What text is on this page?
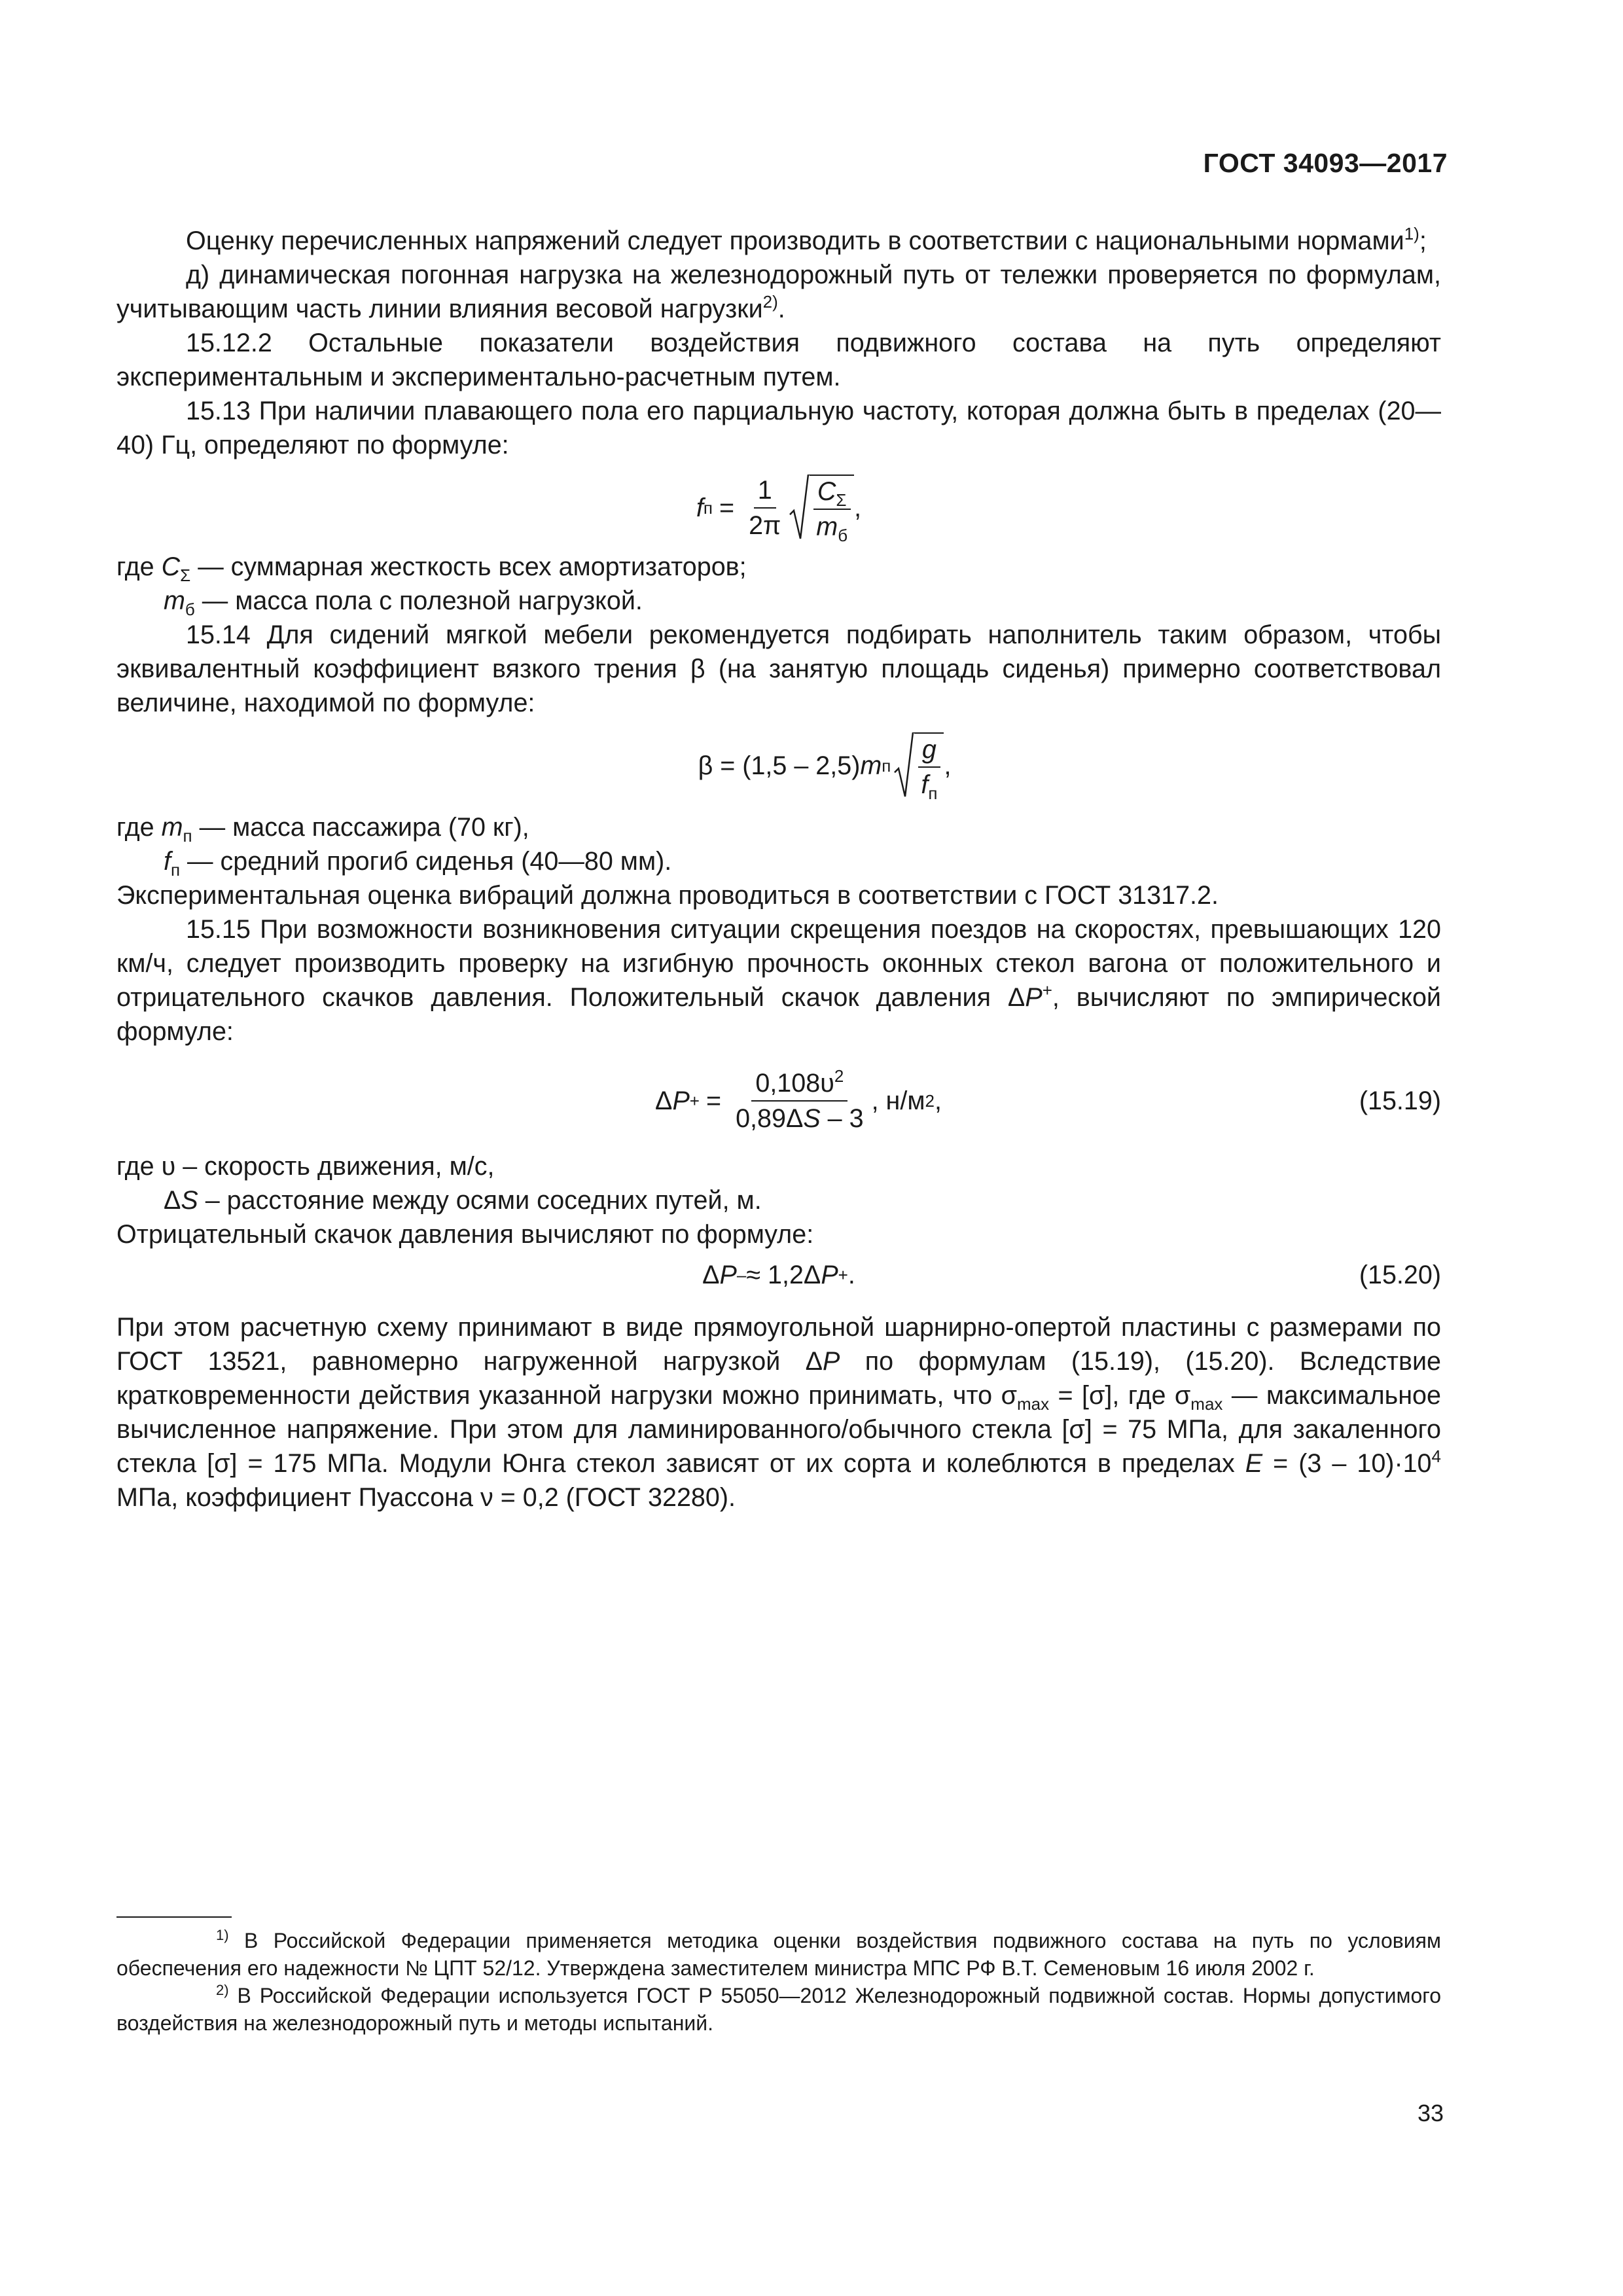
ГОСТ 34093—2017

Оценку перечисленных напряжений следует производить в соответствии с национальными нормами$^{1)}$;

д) динамическая погонная нагрузка на железнодорожный путь от тележки проверяется по формулам, учитывающим часть линии влияния весовой нагрузки$^{2)}$.

15.12.2 Остальные показатели воздействия подвижного состава на путь определяют экспериментальным и экспериментально-расчетным путем.

15.13 При наличии плавающего пола его парциальную частоту, которая должна быть в пределах (20—40) Гц, определяют по формуле:

f $п = \frac{1}{2\pi} \frac{C_\Sigma}{m_б}$ ,

где $C_\Sigma$ — суммарная жесткость всех амортизаторов;

$m_б$ — масса пола с полезной нагрузкой.

15.14 Для сидений мягкой мебели рекомендуется подбирать наполнитель таким образом, чтобы эквивалентный коэффициент вязкого трения β (на занятую площадь сиденья) примерно соответствовал величине, находимой по формуле:

β = (1,5 – 2,5) m п $\frac{g}{f_п}$ ,

где $m_п$ — масса пассажира (70 кг),

$f_п$ — средний прогиб сиденья (40—80 мм).

Экспериментальная оценка вибраций должна проводиться в соответствии с ГОСТ 31317.2.

15.15 При возможности возникновения ситуации скрещения поездов на скоростях, превышающих 120 км/ч, следует производить проверку на изгибную прочность оконных стекол вагона от положительного и отрицательного скачков давления. Положительный скачок давления ΔP+, вычисляют по эмпирической формуле:

Δ P + = $\frac{0,108\upsilon^2}{0,89\Delta S - 3}$ , н/м 2 ,	(15.19)

где υ – скорость движения, м/с,

ΔS – расстояние между осями соседних путей, м.

Отрицательный скачок давления вычисляют по формуле:

Δ P – ≈ 1,2Δ P + .	(15.20)

При этом расчетную схему принимают в виде прямоугольной шарнирно-опертой пластины с размерами по ГОСТ 13521, равномерно нагруженной нагрузкой ΔP по формулам (15.19), (15.20). Вследствие кратковременности действия указанной нагрузки можно принимать, что $\sigma_{max} = [\sigma]$, где $\sigma_{max}$ — максимальное вычисленное напряжение. При этом для ламинированного/обычного стекла [σ] = 75 МПа, для закаленного стекла [σ] = 175 МПа. Модули Юнга стекол зависят от их сорта и колеблются в пределах $E = (3 - 10)\cdot 10^4$ МПа, коэффициент Пуассона ν = 0,2 (ГОСТ 32280).

$^{1)}$ В Российской Федерации применяется методика оценки воздействия подвижного состава на путь по условиям обеспечения его надежности № ЦПТ 52/12. Утверждена заместителем министра МПС РФ В.Т. Семеновым 16 июля 2002 г.

$^{2)}$ В Российской Федерации используется ГОСТ Р 55050—2012 Железнодорожный подвижной состав. Нормы допустимого воздействия на железнодорожный путь и методы испытаний.

33
